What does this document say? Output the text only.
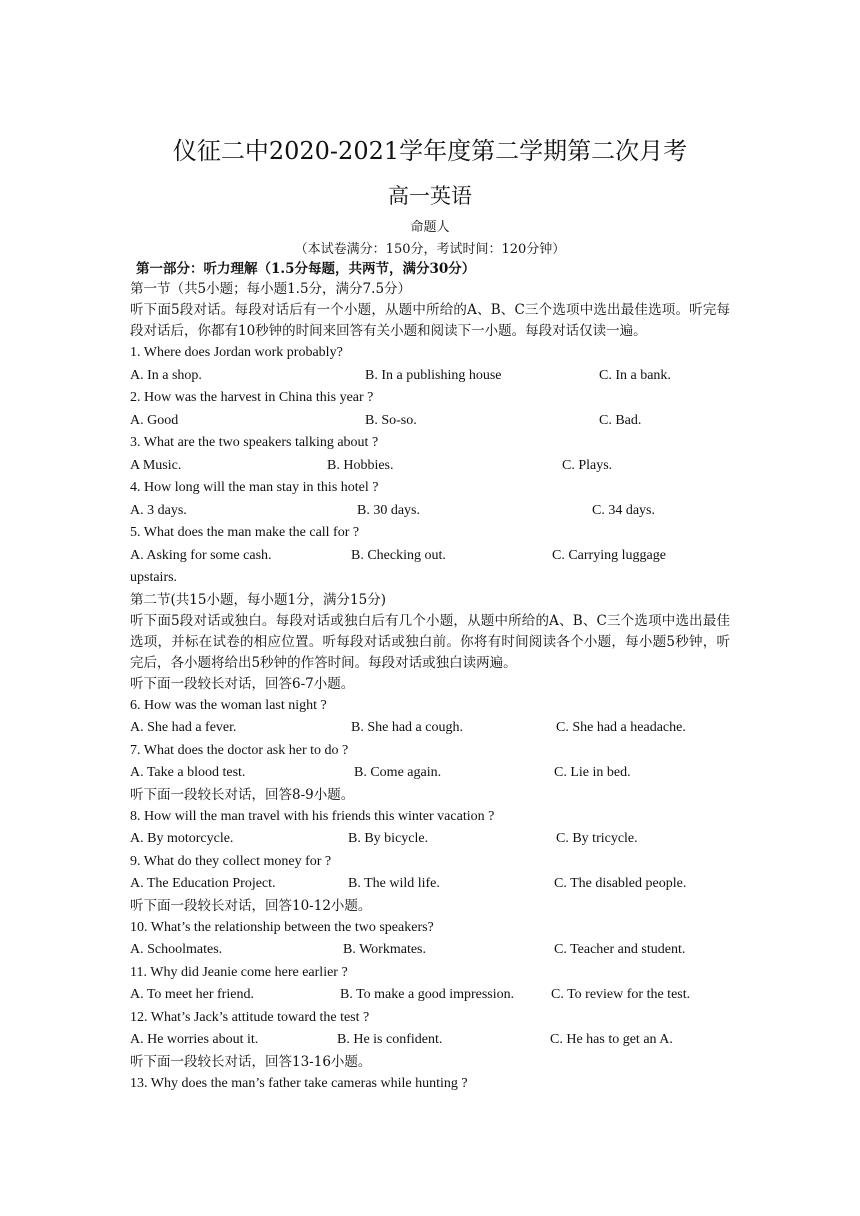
仪征二中2020-2021学年度第二学期第二次月考
高一英语
命题人
（本试卷满分：150分，考试时间：120分钟）
第一部分：听力理解（1.5分每题，共两节，满分30分）
第一节（共5小题；每小题1.5分，满分7.5分）
听下面5段对话。每段对话后有一个小题，从题中所给的A、B、C三个选项中选出最佳选项。听完每段对话后，你都有10秒钟的时间来回答有关小题和阅读下一小题。每段对话仅读一遍。
1. Where does Jordan work probably?
A. In a shop.	B. In a publishing house	C. In a bank.
2. How was the harvest in China this year ?
A. Good	B. So-so.	C. Bad.
3. What are the two speakers talking about ?
A Music.	B. Hobbies.	C. Plays.
4. How long will the man stay in this hotel ?
A. 3 days.	B. 30 days.	C. 34 days.
5. What does the man make the call for ?
A. Asking for some cash.	B. Checking out.	C. Carrying luggage
upstairs.
第二节(共15小题，每小题1分，满分15分)
听下面5段对话或独白。每段对话或独白后有几个小题，从题中所给的A、B、C三个选项中选出最佳选项，并标在试卷的相应位置。听每段对话或独白前。你将有时间阅读各个小题，每小题5秒钟，听完后，各小题将给出5秒钟的作答时间。每段对话或独白读两遍。
听下面一段较长对话，回答6-7小题。
6. How was the woman last night ?
A. She had a fever.	B. She had a cough.	C. She had a headache.
7. What does the doctor ask her to do ?
A. Take a blood test.	B. Come again.	C. Lie in bed.
听下面一段较长对话，回答8-9小题。
8. How will the man travel with his friends this winter vacation ?
A. By motorcycle.	B. By bicycle.	C. By tricycle.
9. What do they collect money for ?
A. The Education Project.	B. The wild life.	C. The disabled people.
听下面一段较长对话，回答10-12小题。
10. What’s the relationship between the two speakers?
A. Schoolmates.	B. Workmates.	C. Teacher and student.
11. Why did Jeanie come here earlier ?
A. To meet her friend.	B. To make a good impression.	C. To review for the test.
12. What’s Jack’s attitude toward the test ?
A. He worries about it.	B. He is confident.	C. He has to get an A.
听下面一段较长对话，回答13-16小题。
13. Why does the man’s father take cameras while hunting ?
